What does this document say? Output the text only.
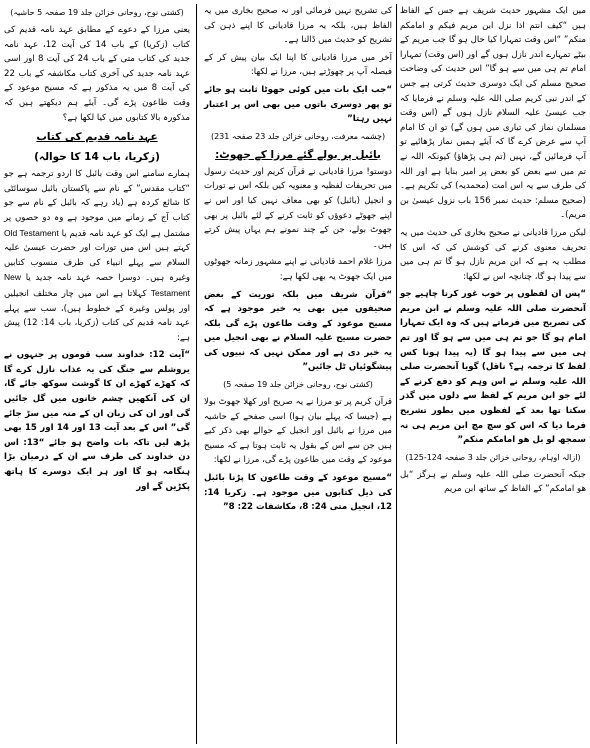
میں ایک مشہور حدیث شریف ہے جس کے الفاظ ہیں “کیف انتم اذا نزل ابن مریم فیکم و امامکم منکم” “اس وقت تمہارا کیا حال ہو گا جب مریم کے بیٹے تمہارے اندر نازل ہوں گے اور (اس وقت) تمہارا امام تم ہی میں سے ہو گا” اس حدیث کی وضاحت صحیح مسلم کی ایک دوسری حدیث کرتی ہے جس کے اندر نبی کریم صلی اللہ علیہ وسلم نے فرمایا کہ جب عیسیٰ علیہ السلام نازل ہوں گے (اس وقت مسلمان نماز کی تیاری میں ہوں گے) تو ان کا امام آپ سے عرض کرے گا کہ آیئے ہمیں نماز پڑھائیے تو آپ فرمائیں گے، نہیں (تم ہی پڑھاؤ) کیونکہ اللہ نے تم میں سے بعض کو بعض پر امیر بنایا ہے اور اللہ کی طرف سے یہ اس امت (محمدیہ) کی تکریم ہے۔ (صحیح مسلم: حدیث نمبر 156 باب نزول عیسیٰ بن مریم)۔

لیکن مرزا قادیانی نے صحیح بخاری کی حدیث میں یہ تحریف معنوی کرنے کی کوشش کی کہ اس کا مطلب یہ ہے کہ ابن مریم نازل ہو گا تم ہی میں سے پیدا ہو گا، چنانچہ اس نے لکھا:

“پس ان لفظوں پر خوب غور کرنا چاہیے جو آنحضرت صلی اللہ علیہ وسلم نے ابن مریم کی تصریح میں فرماتے ہیں کہ وہ ایک تمہارا امام ہو گا جو تم ہی میں سے ہو گا اور تم ہی میں سے پیدا ہو گا (یہ پیدا ہونا کس لفظ کا ترجمہ ہے؟ ناقل) گویا آنحضرت صلی اللہ علیہ وسلم نے اس وہم کو دفع کرنے کے لئے جو ابن مریم کے لفظ سے دلوں میں گذر سکتا تھا بعد کے لفظوں میں بطور تشریح فرما دیا کہ اس کو سچ مچ ابن مریم ہی نہ سمجھ لو بل ھو امامکم منکم”

(ازالہ اوہام، روحانی خزائن جلد 3 صفحہ 124-125)

جبکہ آنحضرت صلی اللہ علیہ وسلم نے ہرگز “بل ھو امامکم” کے الفاظ کے ساتھ ابن مریم

کی تشریح نہیں فرمائی اور نہ صحیح بخاری میں یہ الفاظ ہیں، بلکہ یہ مرزا قادیانی کا اپنے ذہن کی تشریح کو حدیث میں ڈالنا ہے۔

آخر میں مرزا قادیانی کا اپنا ایک بیان پیش کر کے فیصلہ آپ پر چھوڑتے ہیں، مرزا نے لکھا:

“جب ایک بات میں کوئی جھوٹا ثابت ہو جائے تو پھر دوسری باتوں میں بھی اس پر اعتبار نہیں رہتا”

(چشمہ معرفت، روحانی خزائن جلد 23 صفحہ 231)

بائبل پر بولے گئے مرزا کے جھوٹ:

دوستو! مرزا قادیانی نے قرآن کریم اور حدیث رسول میں تحریفات لفظیہ و معنویہ کیں بلکہ اس نے تورات و انجیل (بائبل) کو بھی معاف نہیں کیا اور اس نے اپنے جھوٹے دعوؤں کو ثابت کرنے کے لئے بائبل پر بھی جھوٹ بولے، جن کے چند نمونے ہم یہاں پیش کرتے ہیں۔

مرزا غلام احمد قادیانی نے اپنے مشہور زمانہ جھوٹوں میں ایک جھوٹ یہ بھی لکھا ہے:

“قرآن شریف میں بلکہ توریت کے بعض صحیفوں میں بھی یہ خبر موجود ہے کہ مسیح موعود کے وقت طاعون پڑے گی بلکہ حضرت مسیح علیہ السلام نے بھی انجیل میں یہ خبر دی ہے اور ممکن نہیں کہ نبیوں کی پیشگوئیاں ٹل جائیں”

(کشتی نوح، روحانی خزائن جلد 19 صفحہ 5)

قرآن کریم پر تو مرزا نے یہ صریح اور کھلا جھوٹ بولا ہے (جیسا کہ پہلے بیان ہوا) اسی صفحے کے حاشیہ میں مرزا نے بائبل اور انجیل کے حوالے بھی ذکر کیے ہیں جن سے اس کے بقول یہ ثابت ہوتا ہے کہ مسیح موعود کے وقت میں طاعون پڑے گی، مرزا نے لکھا:

“مسیح موعود کے وقت طاعون کا پڑنا بائبل کی ذیل کتابوں میں موجود ہے۔ زکریا 14: 12، انجیل متی 24: 8، مکاشفات 22: 8”

(کشتی نوح، روحانی خزائن جلد 19 صفحہ 5 حاشیہ)

یعنی مرزا کے دعوے کے مطابق عہد نامہ قدیم کی کتاب (زکریا) کے باب 14 کی آیت 12، عہد نامہ جدید کی کتاب متی کے باب 24 کی آیت 8 اور اسی عہد نامہ جدید کی آخری کتاب مکاشفہ کے باب 22 کی آیت 8 میں یہ مذکور ہے کہ مسیح موعود کے وقت طاعون پڑے گی۔ آیئے ہم دیکھتے ہیں کہ مذکورہ بالا کتابوں میں کیا لکھا ہے؟

عہد نامہ قدیم کی کتاب

(زکریا، باب 14 کا حوالہ)

ہمارے سامنے اس وقت بائبل کا اردو ترجمہ ہے جو “کتاب مقدس” کے نام سے پاکستان بائبل سوسائٹی کا شائع کردہ ہے (یاد رہے کہ بائبل کے نام سے جو کتاب آج کے زمانے میں موجود ہے وہ دو حصوں پر مشتمل ہے ایک کو عہد نامہ قدیم یا Old Testament کہتے ہیں اس میں تورات اور حضرت عیسیٰ علیہ السلام سے پہلے انبیاء کی طرف منسوب کتابیں وغیرہ ہیں۔ دوسرا حصہ عہد نامہ جدید یا New Testament کہلاتا ہے اس میں چار مختلف انجیلیں اور پولس وغیرہ کے خطوط ہیں)، سب سے پہلے عہد نامہ قدیم کی کتاب (زکریا، باب 14: 12) پیش ہے:

“آیت 12: خداوند سب قوموں پر جنہوں نے یروشلم سے جنگ کی یہ عذاب نازل کرے گا کہ کھڑے کھڑے ان کا گوشت سوکھ جائے گا، ان کی آنکھیں چشم خانوں میں گل جائیں گی اور ان کی زبان ان کے منہ میں سڑ جائے گی” اس کے بعد آیت 13 اور 14 اور 15 بھی پڑھ لیں تاکہ بات واضح ہو جائے “13: اس دن خداوند کی طرف سے ان کے درمیان بڑا ہنگامہ ہو گا اور ہر ایک دوسرے کا ہاتھ پکڑیں گے اور
